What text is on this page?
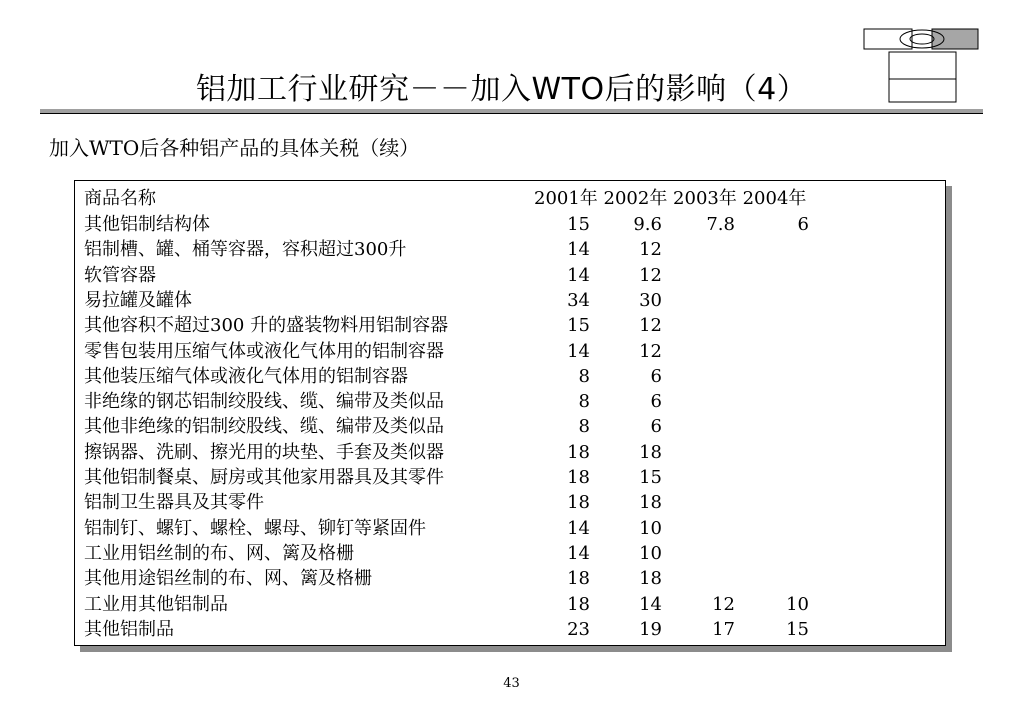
铝加工行业研究－－加入WTO后的影响（4）
加入WTO后各种铝产品的具体关税（续）
商品名称	2001年 2002年 2003年 2004年
其他铝制结构体	15	9.6	7.8	6
铝制槽、罐、桶等容器，容积超过300升	14	12
软管容器	14	12
易拉罐及罐体	34	30
其他容积不超过300 升的盛装物料用铝制容器	15	12
零售包装用压缩气体或液化气体用的铝制容器	14	12
其他装压缩气体或液化气体用的铝制容器	8	6
非绝缘的钢芯铝制绞股线、缆、编带及类似品	8	6
其他非绝缘的铝制绞股线、缆、编带及类似品	8	6
擦锅器、洗刷、擦光用的块垫、手套及类似器	18	18
其他铝制餐桌、厨房或其他家用器具及其零件	18	15
铝制卫生器具及其零件	18	18
铝制钉、螺钉、螺栓、螺母、铆钉等紧固件	14	10
工业用铝丝制的布、网、篱及格栅	14	10
其他用途铝丝制的布、网、篱及格栅	18	18
工业用其他铝制品	18	14	12	10
其他铝制品	23	19	17	15
43
